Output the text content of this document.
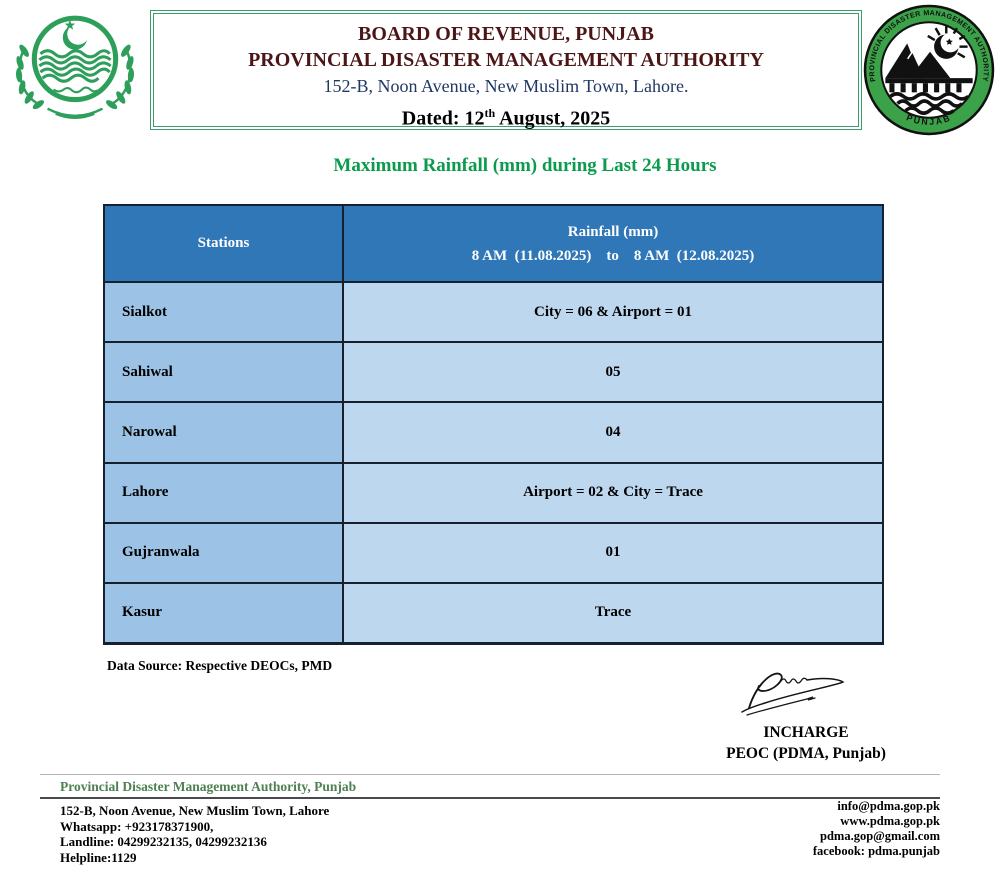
BOARD OF REVENUE, PUNJAB
PROVINCIAL DISASTER MANAGEMENT AUTHORITY
152-B, Noon Avenue, New Muslim Town, Lahore.
Dated: 12th August, 2025
PROVINCIAL DISASTER MANAGEMENT AUTHORITY
PUNJAB
Maximum Rainfall (mm) during Last 24 Hours
Stations
Rainfall (mm)
8 AM  (11.08.2025)    to    8 AM  (12.08.2025)
Sialkot	City = 06 & Airport = 01
Sahiwal	05
Narowal	04
Lahore	Airport = 02 & City = Trace
Gujranwala	01
Kasur	Trace
Data Source: Respective DEOCs, PMD
INCHARGE
PEOC (PDMA, Punjab)
Provincial Disaster Management Authority, Punjab
152-B, Noon Avenue, New Muslim Town, Lahore
Whatsapp: +923178371900,
Landline: 04299232135, 04299232136
Helpline:1129
info@pdma.gop.pk
www.pdma.gop.pk
pdma.gop@gmail.com
facebook: pdma.punjab
